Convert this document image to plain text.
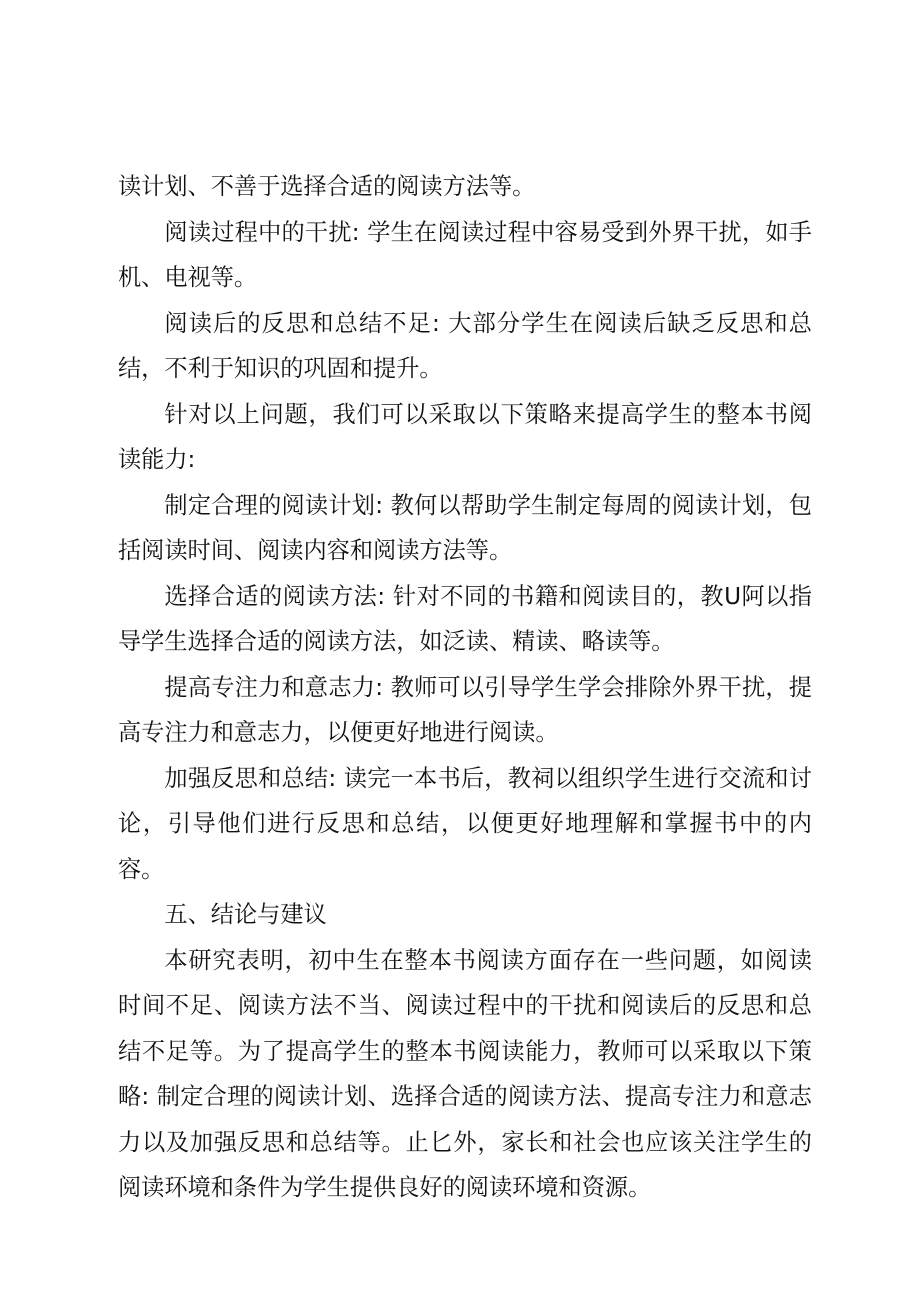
读计划、不善于选择合适的阅读方法等。

阅读过程中的干扰: 学生在阅读过程中容易受到外界干扰，如手机、电视等。

阅读后的反思和总结不足: 大部分学生在阅读后缺乏反思和总结，不利于知识的巩固和提升。

针对以上问题，我们可以采取以下策略来提高学生的整本书阅读能力:

制定合理的阅读计划: 教何以帮助学生制定每周的阅读计划，包括阅读时间、阅读内容和阅读方法等。

选择合适的阅读方法: 针对不同的书籍和阅读目的，教U阿以指导学生选择合适的阅读方法，如泛读、精读、略读等。

提高专注力和意志力: 教师可以引导学生学会排除外界干扰，提高专注力和意志力，以便更好地进行阅读。

加强反思和总结: 读完一本书后，教祠以组织学生进行交流和讨论，引导他们进行反思和总结，以便更好地理解和掌握书中的内容。

五、结论与建议

本研究表明，初中生在整本书阅读方面存在一些问题，如阅读时间不足、阅读方法不当、阅读过程中的干扰和阅读后的反思和总结不足等。为了提高学生的整本书阅读能力，教师可以采取以下策略: 制定合理的阅读计划、选择合适的阅读方法、提高专注力和意志力以及加强反思和总结等。止匕外，家长和社会也应该关注学生的阅读环境和条件为学生提供良好的阅读环境和资源。
